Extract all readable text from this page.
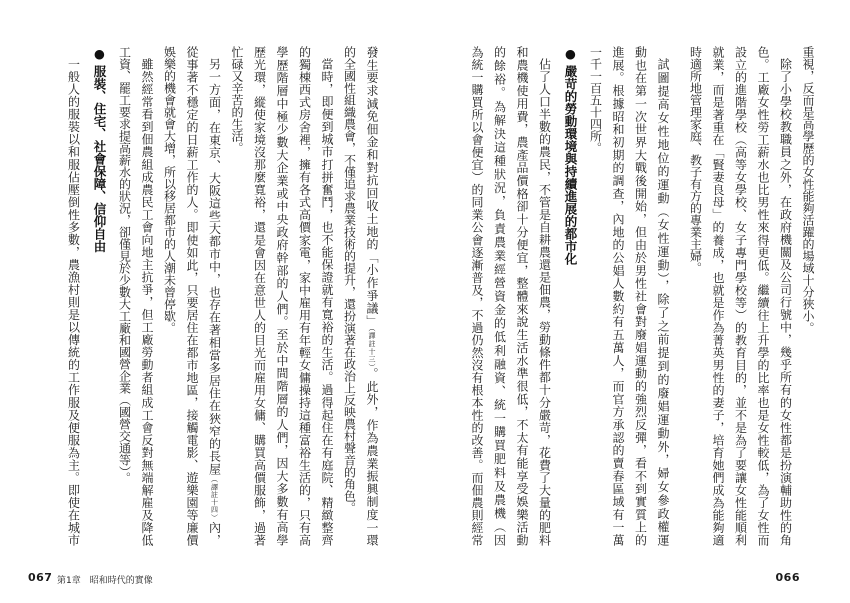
重視，反而是高學歷的女性能夠活躍的場域十分狹小。
除了小學校教職員之外，在政府機關及公司行號中，幾乎所有的女性都是扮演輔助性的角
色。工廠女性勞工薪水也比男性來得更低。繼續往上升學的比率也是女性較低，為了女性而
設立的進階學校（高等女學校、女子專門學校等）的教育目的，並不是為了要讓女性能順利
就業，而是著重在「賢妻良母」的養成，也就是作為菁英男性的妻子，培育她們成為能夠適
時適所地管理家庭、教子有方的專業主婦。
試圖提高女性地位的運動（女性運動），除了之前提到的廢娼運動外，婦女參政權運
動也在第一次世界大戰後開始，但由於男性社會對廢娼運動的強烈反彈，看不到實質上的
進展。根據昭和初期的調查，內地的公娼人數約有五萬人，而官方承認的賣春區域有一萬
一千一百五十四所。
●嚴苛的勞動環境與持續進展的都市化
佔了人口半數的農民，不管是自耕農還是佃農，勞動條件都十分嚴苛，花費了大量的肥料
和農機使用費，農產品價格卻十分便宜，整體來說生活水準很低，不太有能享受娛樂活動
的餘裕。為解決這種狀況，負責農業經營資金的低利融資、統一購買肥料及農機（因
為統一購買所以會便宜）的同業公會逐漸普及，不過仍然沒有根本性的改善。而佃農則經常
發生要求減免佃金和對抗回收土地的「小作爭議」（譯註十三）。此外，作為農業振興制度一環
的全國性組織農會，不僅追求農業技術的提升，還扮演著在政治上反映農村聲音的角色。
當時，即便到城市打拼奮鬥，也不能保證就有寬裕的生活。過得起住在有庭院、精緻整齊
的獨棟西式房舍裡，擁有各式高價家電，家中雇用有年輕女傭操持這種富裕生活的，只有高
學歷階層中極少數大企業或中央政府幹部的人們。至於中間階層的人們，因大多數有高學
歷光環，縱使家境沒那麼寬裕，還是會因在意世人的目光而雇用女傭、購買高價服飾，過著
忙碌又辛苦的生活。
另一方面，在東京、大阪這些大都市中，也存在著相當多居住在狹窄的長屋（譯註十四）內，
從事著不穩定的日薪工作的人。即使如此，只要居住在都市地區，接觸電影、遊樂園等廉價
娛樂的機會就會大增，所以移居都市的人潮未曾停歇。
雖然經常看到佃農組成農民工會向地主抗爭，但工廠勞動者組成工會反對無端解雇及降低
工資、罷工要求提高薪水的狀況，卻僅見於少數大工廠和國營企業（國營交通等）。
●服裝、住宅、社會保障、信仰自由
一般人的服裝以和服佔壓倒性多數，農漁村則是以傳統的工作服及便服為主。即使在城市
067 第1章　昭和時代的實像	066
